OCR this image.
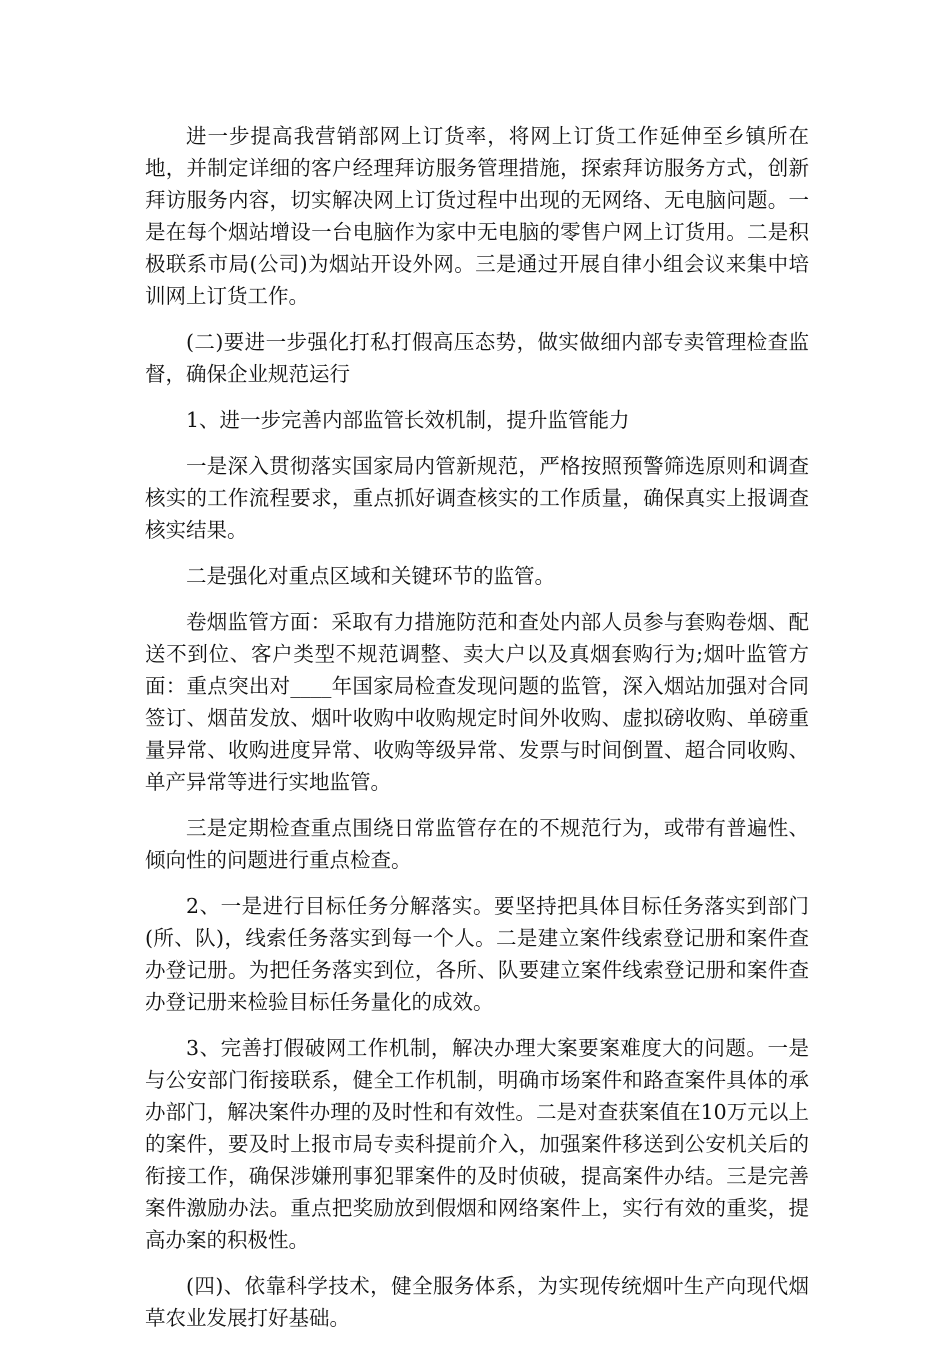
进一步提高我营销部网上订货率，将网上订货工作延伸至乡镇所在地，并制定详细的客户经理拜访服务管理措施，探索拜访服务方式，创新拜访服务内容，切实解决网上订货过程中出现的无网络、无电脑问题。一是在每个烟站增设一台电脑作为家中无电脑的零售户网上订货用。二是积极联系市局(公司)为烟站开设外网。三是通过开展自律小组会议来集中培训网上订货工作。

(二)要进一步强化打私打假高压态势，做实做细内部专卖管理检查监督，确保企业规范运行

1、进一步完善内部监管长效机制，提升监管能力

一是深入贯彻落实国家局内管新规范，严格按照预警筛选原则和调查核实的工作流程要求，重点抓好调查核实的工作质量，确保真实上报调查核实结果。

二是强化对重点区域和关键环节的监管。

卷烟监管方面：采取有力措施防范和查处内部人员参与套购卷烟、配送不到位、客户类型不规范调整、卖大户以及真烟套购行为;烟叶监管方面：重点突出对____年国家局检查发现问题的监管，深入烟站加强对合同签订、烟苗发放、烟叶收购中收购规定时间外收购、虚拟磅收购、单磅重量异常、收购进度异常、收购等级异常、发票与时间倒置、超合同收购、单产异常等进行实地监管。

三是定期检查重点围绕日常监管存在的不规范行为，或带有普遍性、倾向性的问题进行重点检查。

2、一是进行目标任务分解落实。要坚持把具体目标任务落实到部门(所、队)，线索任务落实到每一个人。二是建立案件线索登记册和案件查办登记册。为把任务落实到位，各所、队要建立案件线索登记册和案件查办登记册来检验目标任务量化的成效。

3、完善打假破网工作机制，解决办理大案要案难度大的问题。一是与公安部门衔接联系，健全工作机制，明确市场案件和路查案件具体的承办部门，解决案件办理的及时性和有效性。二是对查获案值在10万元以上的案件，要及时上报市局专卖科提前介入，加强案件移送到公安机关后的衔接工作，确保涉嫌刑事犯罪案件的及时侦破，提高案件办结。三是完善案件激励办法。重点把奖励放到假烟和网络案件上，实行有效的重奖，提高办案的积极性。

(四)、依靠科学技术，健全服务体系，为实现传统烟叶生产向现代烟草农业发展打好基础。
